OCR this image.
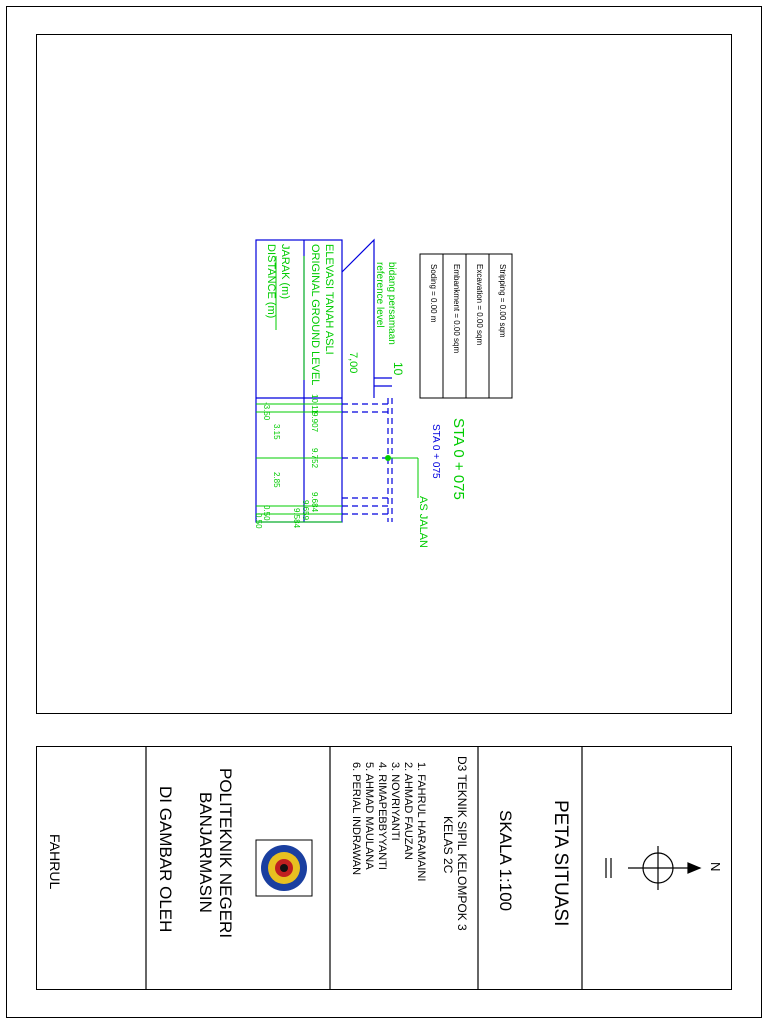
Stripping = 0.00 sqm
Excavation = 0.00 sqm
Embankment = 0.00 sqm
Soding = 0.00 m
STA 0 + 075
STA 0 + 075
AS JALAN
bidang persamaan
reference level
10
7,00
ELEVASI TANAH ASLI
ORIGINAL GROUND LEVEL
JARAK (m)
DISTANCE (m)
10.11
9.907
9.752
9.684
9.659
9.584
-3.50
3.15
2.85
0.50
0.50
N
PETA SITUASI
SKALA 1:100
D3 TEKNIK SIPIL KELOMPOK 3
KELAS 2C
1. FAHRUL HARAMAINI
2. AHMAD FAUZAN
3. NOVRIYANTI
4. RIMAPEBBYYANTI
5. AHMAD MAULANA
6. PERIAL INDRAWAN
POLITEKNIK NEGERI
BANJARMASIN
DI GAMBAR OLEH
FAHRUL
